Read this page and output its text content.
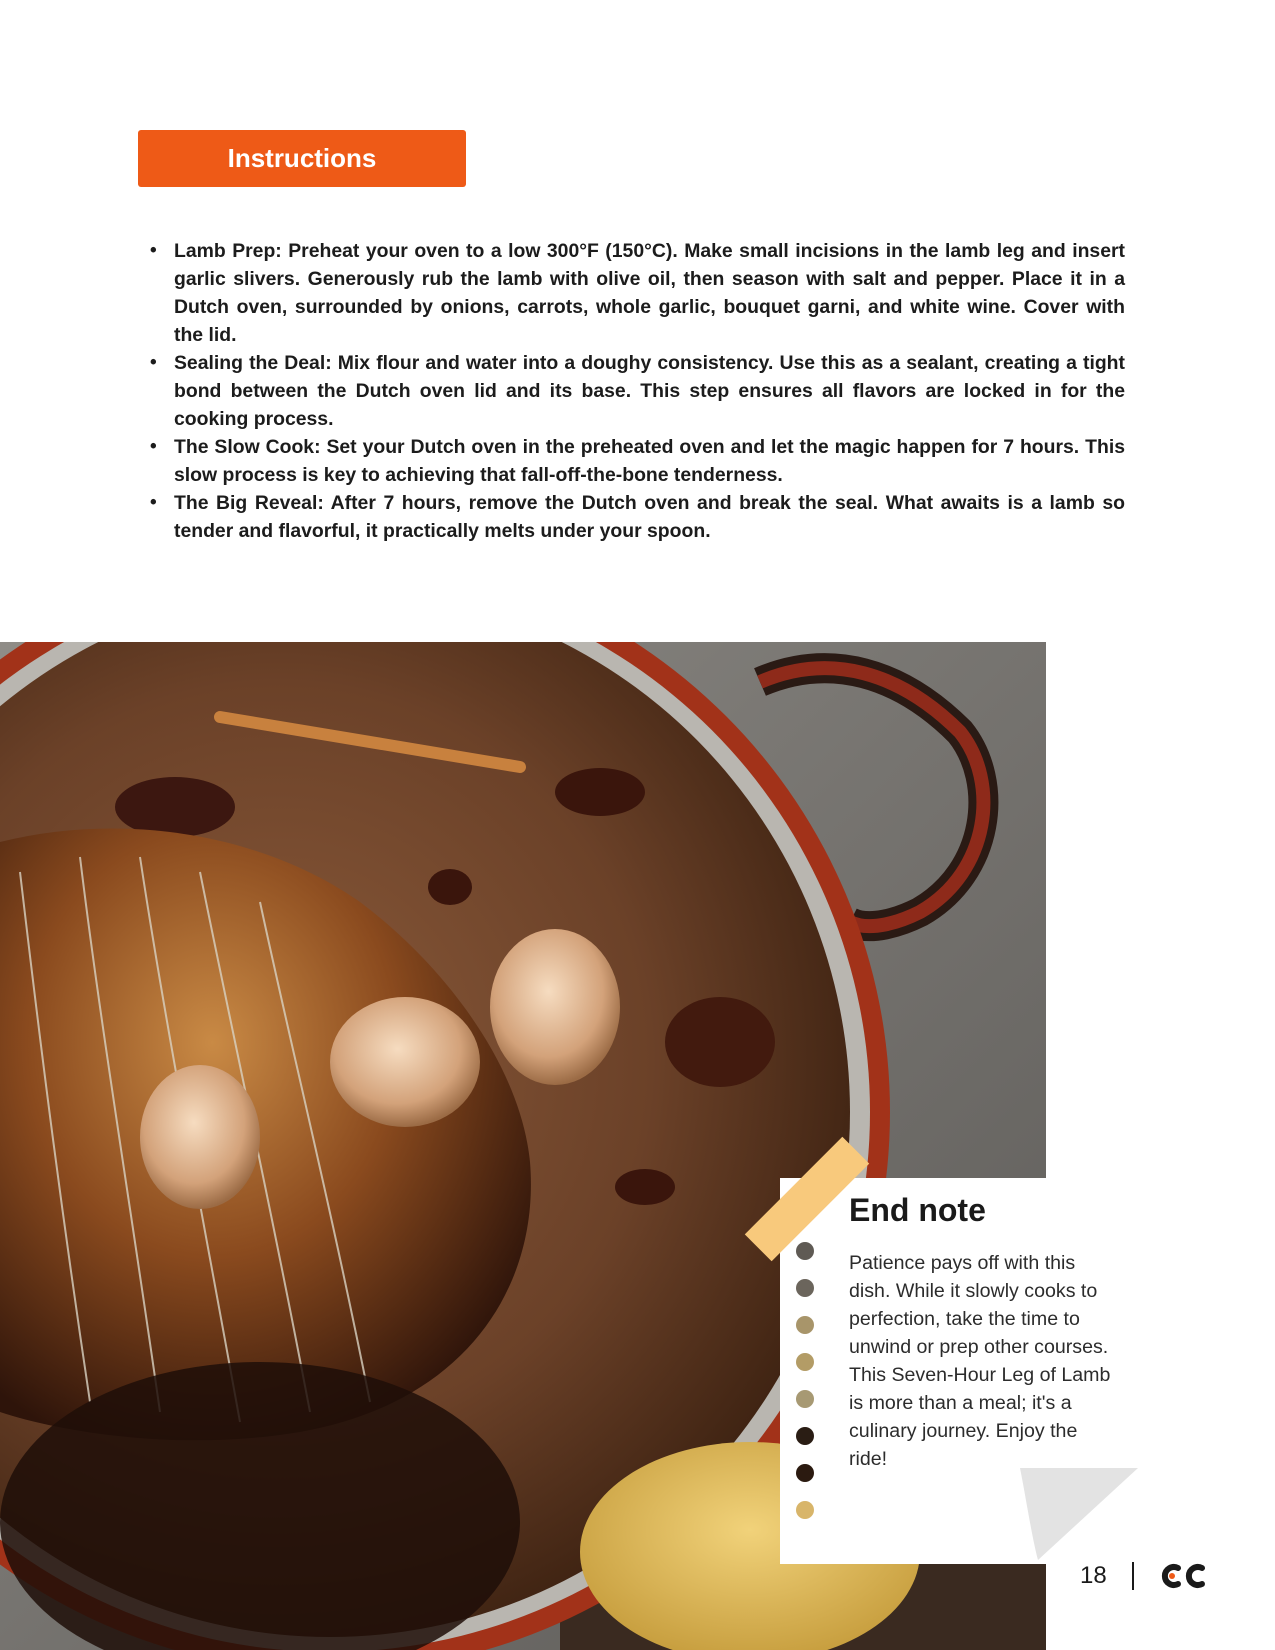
Instructions
• Lamb Prep: Preheat your oven to a low 300°F (150°C). Make small incisions in the lamb leg and insert garlic slivers. Generously rub the lamb with olive oil, then season with salt and pepper. Place it in a Dutch oven, surrounded by onions, carrots, whole garlic, bouquet garni, and white wine. Cover with the lid.
• Sealing the Deal: Mix flour and water into a doughy consistency. Use this as a sealant, creating a tight bond between the Dutch oven lid and its base. This step ensures all flavors are locked in for the cooking process.
• The Slow Cook: Set your Dutch oven in the preheated oven and let the magic happen for 7 hours. This slow process is key to achieving that fall-off-the-bone tenderness.
• The Big Reveal: After 7 hours, remove the Dutch oven and break the seal. What awaits is a lamb so tender and flavorful, it practically melts under your spoon.
End note
Patience pays off with this dish. While it slowly cooks to perfection, take the time to unwind or prep other courses. This Seven-Hour Leg of Lamb is more than a meal; it's a culinary journey. Enjoy the ride!
18
